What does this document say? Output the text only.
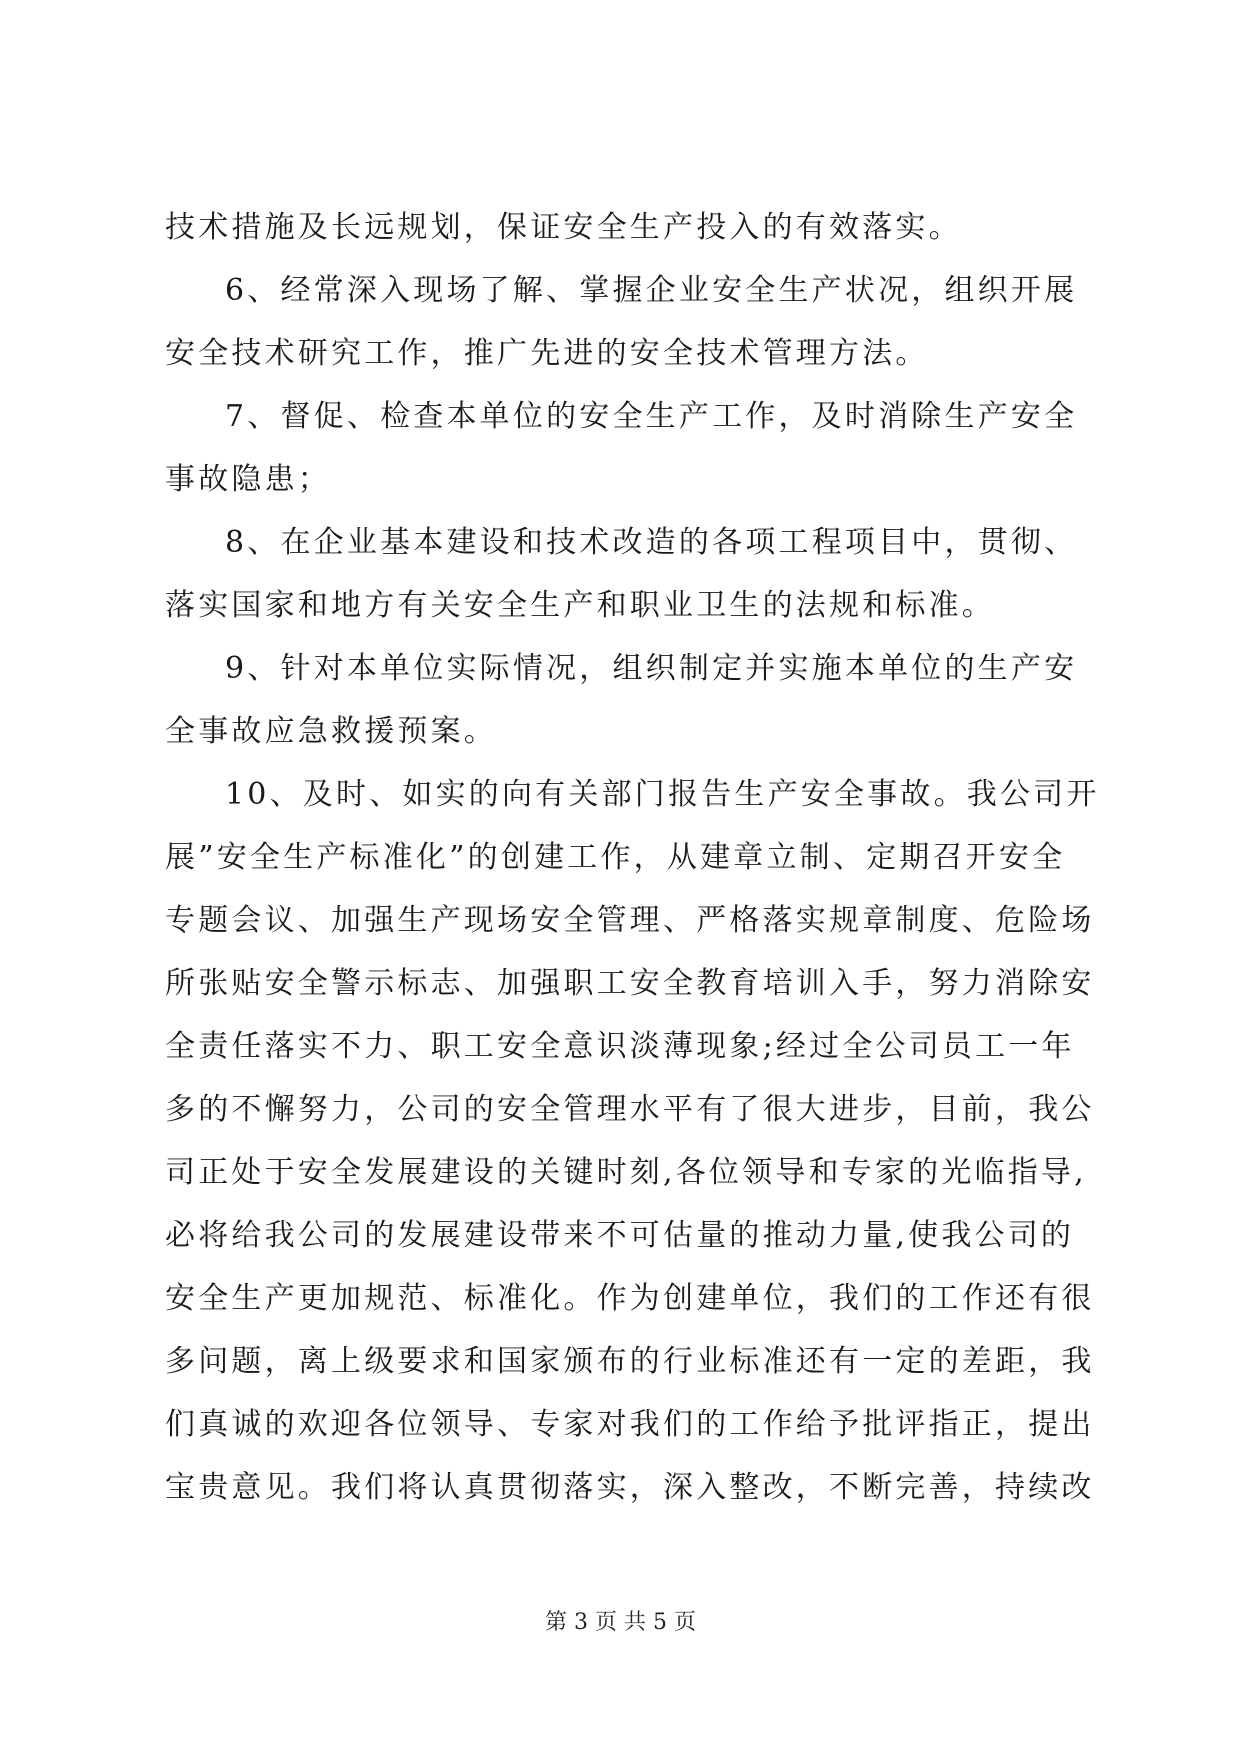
技术措施及长远规划，保证安全生产投入的有效落实。
6、经常深入现场了解、掌握企业安全生产状况，组织开展
安全技术研究工作，推广先进的安全技术管理方法。
7、督促、检查本单位的安全生产工作，及时消除生产安全
事故隐患；
8、在企业基本建设和技术改造的各项工程项目中，贯彻、
落实国家和地方有关安全生产和职业卫生的法规和标准。
9、针对本单位实际情况，组织制定并实施本单位的生产安
全事故应急救援预案。
10、及时、如实的向有关部门报告生产安全事故。我公司开
展”安全生产标准化”的创建工作，从建章立制、定期召开安全
专题会议、加强生产现场安全管理、严格落实规章制度、危险场
所张贴安全警示标志、加强职工安全教育培训入手，努力消除安
全责任落实不力、职工安全意识淡薄现象;经过全公司员工一年
多的不懈努力，公司的安全管理水平有了很大进步，目前，我公
司正处于安全发展建设的关键时刻,各位领导和专家的光临指导,
必将给我公司的发展建设带来不可估量的推动力量,使我公司的
安全生产更加规范、标准化。作为创建单位，我们的工作还有很
多问题，离上级要求和国家颁布的行业标准还有一定的差距，我
们真诚的欢迎各位领导、专家对我们的工作给予批评指正，提出
宝贵意见。我们将认真贯彻落实，深入整改，不断完善，持续改
第 3 页 共 5 页
